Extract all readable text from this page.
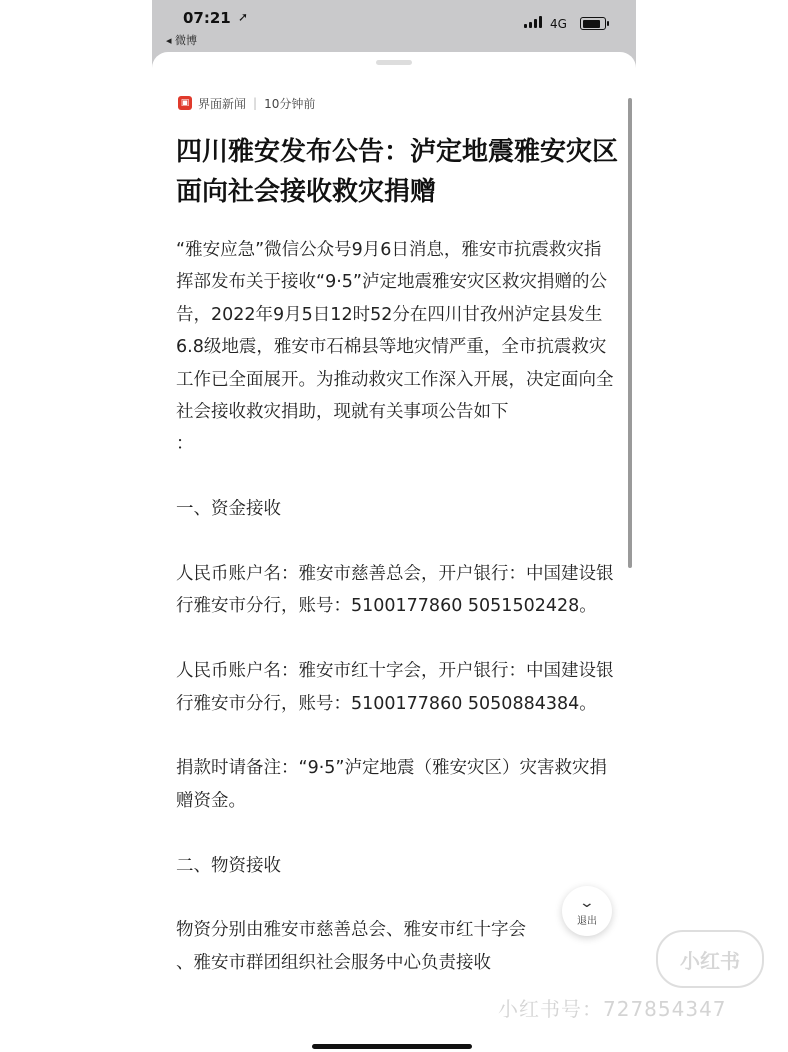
07:21 ➚
◂ 微博
4G
▣ 界面新闻 | 10分钟前
四川雅安发布公告：泸定地震雅安灾区面向社会接收救灾捐赠

“雅安应急”微信公众号9月6日消息，雅安市抗震救灾指挥部发布关于接收“9·5”泸定地震雅安灾区救灾捐赠的公告，2022年9月5日12时52分在四川甘孜州泸定县发生6.8级地震，雅安市石棉县等地灾情严重，全市抗震救灾工作已全面展开。为推动救灾工作深入开展，决定面向全社会接收救灾捐助，现就有关事项公告如下
：

一、资金接收

人民币账户名：雅安市慈善总会，开户银行：中国建设银行雅安市分行，账号：5100177860 5051502428。

人民币账户名：雅安市红十字会，开户银行：中国建设银行雅安市分行，账号：5100177860 5050884384。

捐款时请备注：“9·5”泸定地震（雅安灾区）灾害救灾捐赠资金。

二、物资接收

物资分别由雅安市慈善总会、雅安市红十字会
、雅安市群团组织社会服务中心负责接收

⌄
退出
小红书
小红书号：727854347
